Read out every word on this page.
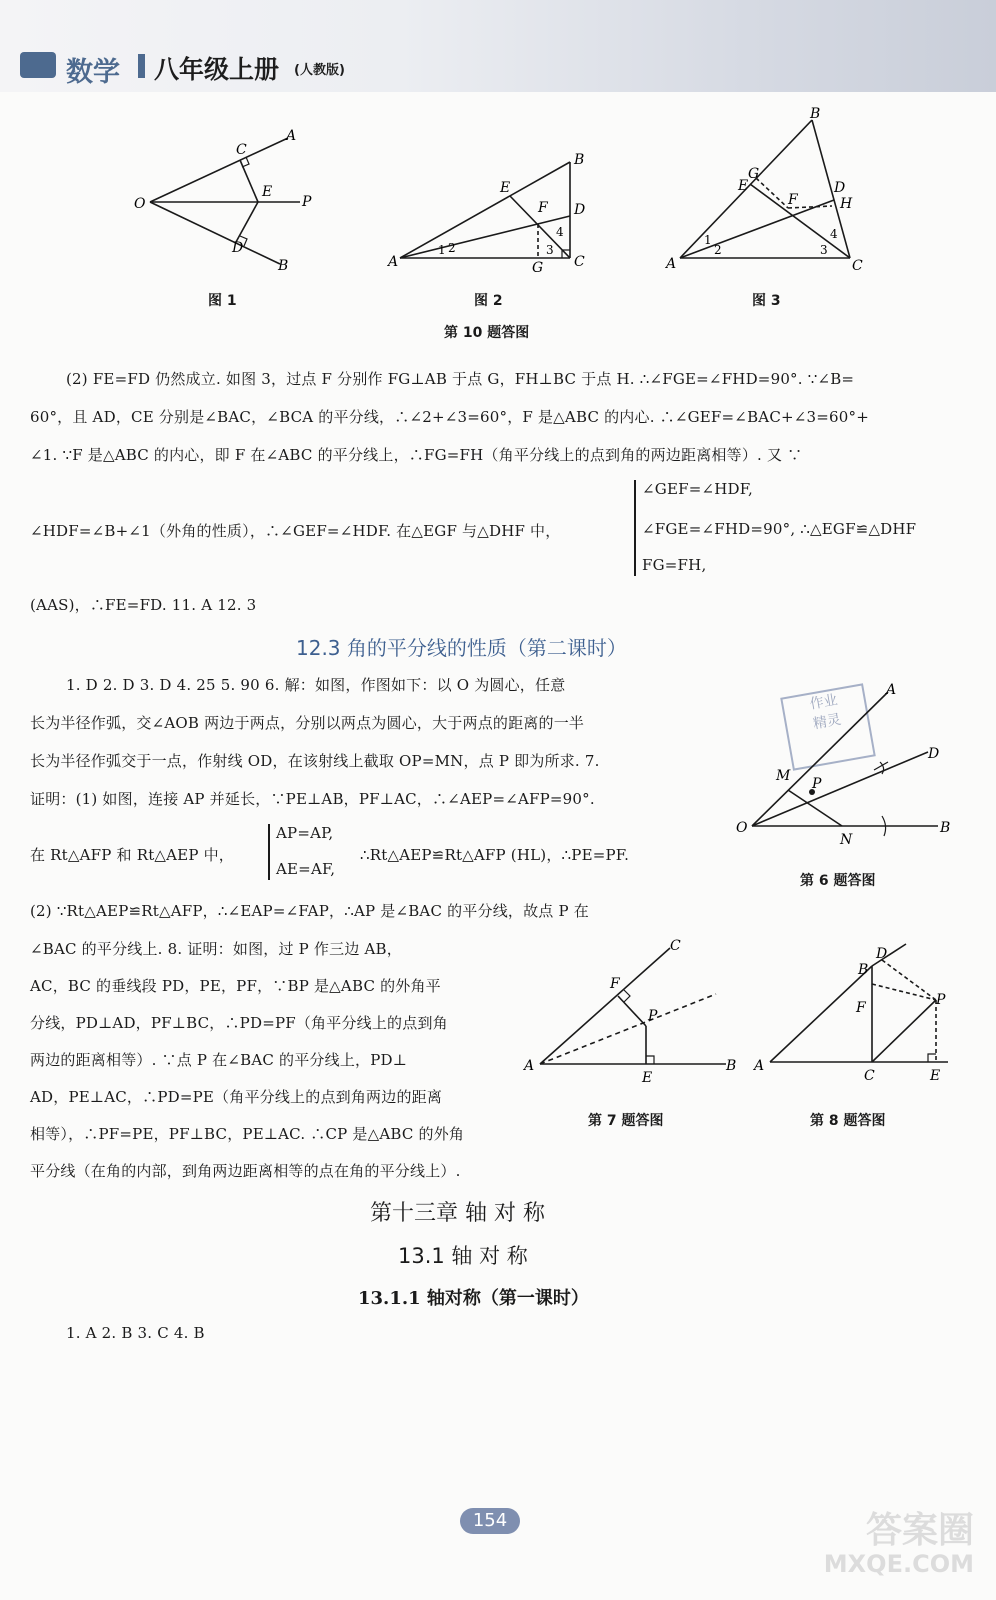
数学 八年级上册 (人教版)
O
C
A
E
P
D
B
图 1
A
B
E
F D
G C
1 2	3
4
图 2
A
B
C
E
G
F
D
H
1
2	3
4
图 3
第 10 题答图
(2) FE=FD 仍然成立. 如图 3，过点 F 分别作 FG⊥AB 于点 G，FH⊥BC 于点 H. ∴∠FGE=∠FHD=90°. ∵∠B=
60°，且 AD，CE 分别是∠BAC，∠BCA 的平分线，∴∠2+∠3=60°，F 是△ABC 的内心. ∴∠GEF=∠BAC+∠3=60°+
∠1. ∵F 是△ABC 的内心，即 F 在∠ABC 的平分线上，∴FG=FH（角平分线上的点到角的两边距离相等）. 又 ∵
∠HDF=∠B+∠1（外角的性质），∴∠GEF=∠HDF. 在△EGF 与△DHF 中，
∠GEF=∠HDF,
∠FGE=∠FHD=90°, ∴△EGF≌△DHF
FG=FH,
(AAS)，∴FE=FD. 11. A 12. 3
12.3 角的平分线的性质（第二课时）
1. D 2. D 3. D 4. 25 5. 90 6. 解：如图，作图如下：以 O 为圆心，任意
长为半径作弧，交∠AOB 两边于两点，分别以两点为圆心，大于两点的距离的一半
长为半径作弧交于一点，作射线 OD，在该射线上截取 OP=MN，点 P 即为所求. 7.
证明：(1) 如图，连接 AP 并延长，∵PE⊥AB，PF⊥AC，∴∠AEP=∠AFP=90°.
在 Rt△AFP 和 Rt△AEP 中，
AP=AP,
AE=AF,
∴Rt△AEP≌Rt△AFP (HL)，∴PE=PF.
(2) ∵Rt△AEP≌Rt△AFP，∴∠EAP=∠FAP，∴AP 是∠BAC 的平分线，故点 P 在
∠BAC 的平分线上. 8. 证明：如图，过 P 作三边 AB，
AC，BC 的垂线段 PD，PE，PF，∵BP 是△ABC 的外角平
分线，PD⊥AD，PF⊥BC，∴PD=PF（角平分线上的点到角
两边的距离相等）. ∵点 P 在∠BAC 的平分线上，PD⊥
AD，PE⊥AC，∴PD=PE（角平分线上的点到角两边的距离
相等），∴PF=PE，PF⊥BC，PE⊥AC. ∴CP 是△ABC 的外角
平分线（在角的内部，到角两边距离相等的点在角的平分线上）.
作业
精灵
A
D
M P
O
N
B
第 6 题答图
C
F
P
A
E
B
第 7 题答图
D
B
F	P
A
C	E
第 8 题答图
第十三章 轴 对 称
13.1 轴 对 称
13.1.1 轴对称（第一课时）
1. A 2. B 3. C 4. B
154	答案圈
MXQE.COM
